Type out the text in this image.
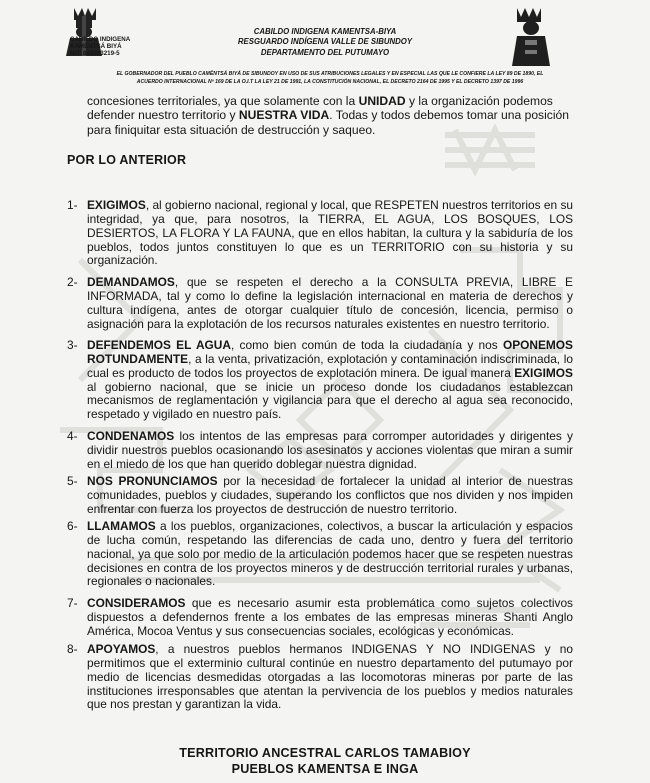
CABILDO INDIGENA
KAMËNTSÁ BIYÁ
NIT: 846003219-5
CABILDO INDIGENA KAMENTSA-BIYA
RESGUARDO INDÍGENA VALLE DE SIBUNDOY
DEPARTAMENTO DEL PUTUMAYO
EL GOBERNADOR DEL PUEBLO CAMËNTSÁ BIYÁ DE SIBUNDOY EN USO DE SUS ATRIBUCIONES LEGALES Y EN ESPECIAL LAS QUE LE CONFIERE LA LEY 89 DE 1890, EL
ACUERDO INTERNACIONAL Nº 169 DE LA O.I.T LA LEY 21 DE 1991, LA CONSTITUCIÓN NACIONAL, EL DECRETO 2164 DE 1995 Y EL DECRETO 1397 DE 1996
concesiones territoriales, ya que solamente con la UNIDAD y la organización podemos
defender nuestro territorio y NUESTRA VIDA. Todas y todos debemos tomar una posición
para finiquitar esta situación de destrucción y saqueo.
POR LO ANTERIOR
1- EXIGIMOS, al gobierno nacional, regional y local, que RESPETEN nuestros territorios en su integridad, ya que, para nosotros, la TIERRA, EL AGUA, LOS BOSQUES, LOS DESIERTOS, LA FLORA Y LA FAUNA, que en ellos habitan, la cultura y la sabiduría de los pueblos, todos juntos constituyen lo que es un TERRITORIO con su historia y su organización.
2- DEMANDAMOS, que se respeten el derecho a la CONSULTA PREVIA, LIBRE E INFORMADA, tal y como lo define la legislación internacional en materia de derechos y cultura indígena, antes de otorgar cualquier título de concesión, licencia, permiso o asignación para la explotación de los recursos naturales existentes en nuestro territorio.
3- DEFENDEMOS EL AGUA, como bien común de toda la ciudadanía y nos OPONEMOS ROTUNDAMENTE, a la venta, privatización, explotación y contaminación indiscriminada, lo cual es producto de todos los proyectos de explotación minera. De igual manera EXIGIMOS al gobierno nacional, que se inicie un proceso donde los ciudadanos establezcan mecanismos de reglamentación y vigilancia para que el derecho al agua sea reconocido, respetado y vigilado en nuestro país.
4- CONDENAMOS los intentos de las empresas para corromper autoridades y dirigentes y dividir nuestros pueblos ocasionando los asesinatos y acciones violentas que miran a sumir en el miedo de los que han querido doblegar nuestra dignidad.
5- NOS PRONUNCIAMOS por la necesidad de fortalecer la unidad al interior de nuestras comunidades, pueblos y ciudades, superando los conflictos que nos dividen y nos impiden enfrentar con fuerza los proyectos de destrucción de nuestro territorio.
6- LLAMAMOS a los pueblos, organizaciones, colectivos, a buscar la articulación y espacios de lucha común, respetando las diferencias de cada uno, dentro y fuera del territorio nacional, ya que solo por medio de la articulación podemos hacer que se respeten nuestras decisiones en contra de los proyectos mineros y de destrucción territorial rurales y urbanas, regionales o nacionales.
7- CONSIDERAMOS que es necesario asumir esta problemática como sujetos colectivos dispuestos a defendernos frente a los embates de las empresas mineras Shanti Anglo América, Mocoa Ventus y sus consecuencias sociales, ecológicas y económicas.
8- APOYAMOS, a nuestros pueblos hermanos INDIGENAS Y NO INDIGENAS y no permitimos que el exterminio cultural continúe en nuestro departamento del putumayo por medio de licencias desmedidas otorgadas a las locomotoras mineras por parte de las instituciones irresponsables que atentan la pervivencia de los pueblos y medios naturales que nos prestan y garantizan la vida.
TERRITORIO ANCESTRAL CARLOS TAMABIOY
PUEBLOS KAMENTSA E INGA
